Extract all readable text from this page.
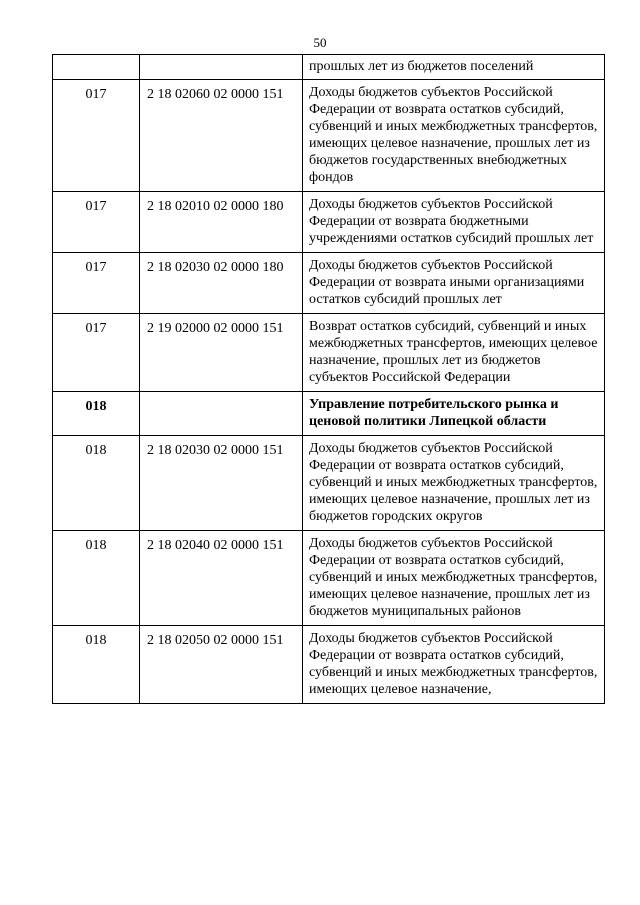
50
		прошлых лет из бюджетов поселений
017	2 18 02060 02 0000 151	Доходы бюджетов субъектов Российской Федерации от возврата остатков субсидий, субвенций и иных межбюджетных трансфертов, имеющих целевое назначение, прошлых лет из бюджетов государственных внебюджетных фондов
017	2 18 02010 02 0000 180	Доходы бюджетов субъектов Российской Федерации от возврата бюджетными учреждениями остатков субсидий прошлых лет
017	2 18 02030 02 0000 180	Доходы бюджетов субъектов Российской Федерации от возврата иными организациями остатков субсидий прошлых лет
017	2 19 02000 02 0000 151	Возврат остатков субсидий, субвенций и иных межбюджетных трансфертов, имеющих целевое назначение, прошлых лет из бюджетов субъектов Российской Федерации
018		Управление потребительского рынка и ценовой политики Липецкой области
018	2 18 02030 02 0000 151	Доходы бюджетов субъектов Российской Федерации от возврата остатков субсидий, субвенций и иных межбюджетных трансфертов, имеющих целевое назначение, прошлых лет из бюджетов городских округов
018	2 18 02040 02 0000 151	Доходы бюджетов субъектов Российской Федерации от возврата остатков субсидий, субвенций и иных межбюджетных трансфертов, имеющих целевое назначение, прошлых лет из бюджетов муниципальных районов
018	2 18 02050 02 0000 151	Доходы бюджетов субъектов Российской Федерации от возврата остатков субсидий, субвенций и иных межбюджетных трансфертов, имеющих целевое назначение,
